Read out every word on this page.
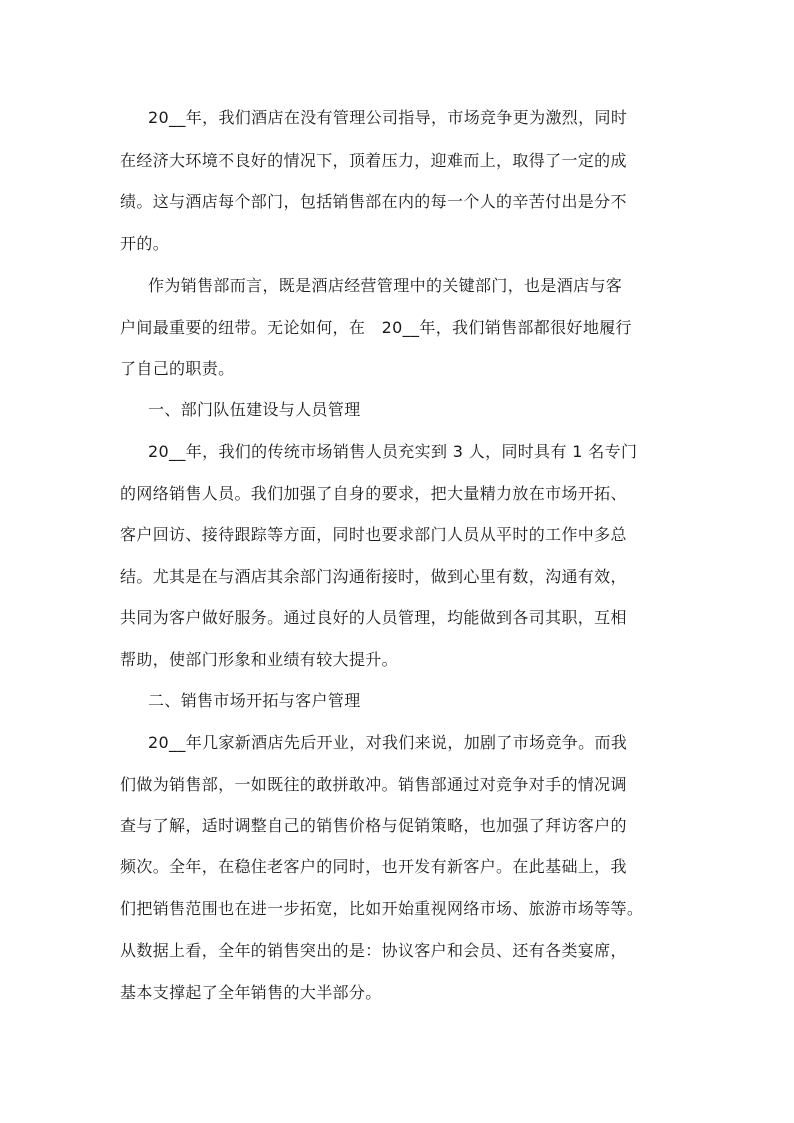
20__年，我们酒店在没有管理公司指导，市场竞争更为激烈，同时
在经济大环境不良好的情况下，顶着压力，迎难而上，取得了一定的成
绩。这与酒店每个部门，包括销售部在内的每一个人的辛苦付出是分不
开的。
作为销售部而言，既是酒店经营管理中的关键部门，也是酒店与客
户间最重要的纽带。无论如何，在　20__年，我们销售部都很好地履行
了自己的职责。
一、部门队伍建设与人员管理
20__年，我们的传统市场销售人员充实到 3 人，同时具有 1 名专门
的网络销售人员。我们加强了自身的要求，把大量精力放在市场开拓、
客户回访、接待跟踪等方面，同时也要求部门人员从平时的工作中多总
结。尤其是在与酒店其余部门沟通衔接时，做到心里有数，沟通有效，
共同为客户做好服务。通过良好的人员管理，均能做到各司其职，互相
帮助，使部门形象和业绩有较大提升。
二、销售市场开拓与客户管理
20__年几家新酒店先后开业，对我们来说，加剧了市场竞争。而我
们做为销售部，一如既往的敢拼敢冲。销售部通过对竞争对手的情况调
查与了解，适时调整自己的销售价格与促销策略，也加强了拜访客户的
频次。全年，在稳住老客户的同时，也开发有新客户。在此基础上，我
们把销售范围也在进一步拓宽，比如开始重视网络市场、旅游市场等等。
从数据上看，全年的销售突出的是：协议客户和会员、还有各类宴席，
基本支撑起了全年销售的大半部分。
